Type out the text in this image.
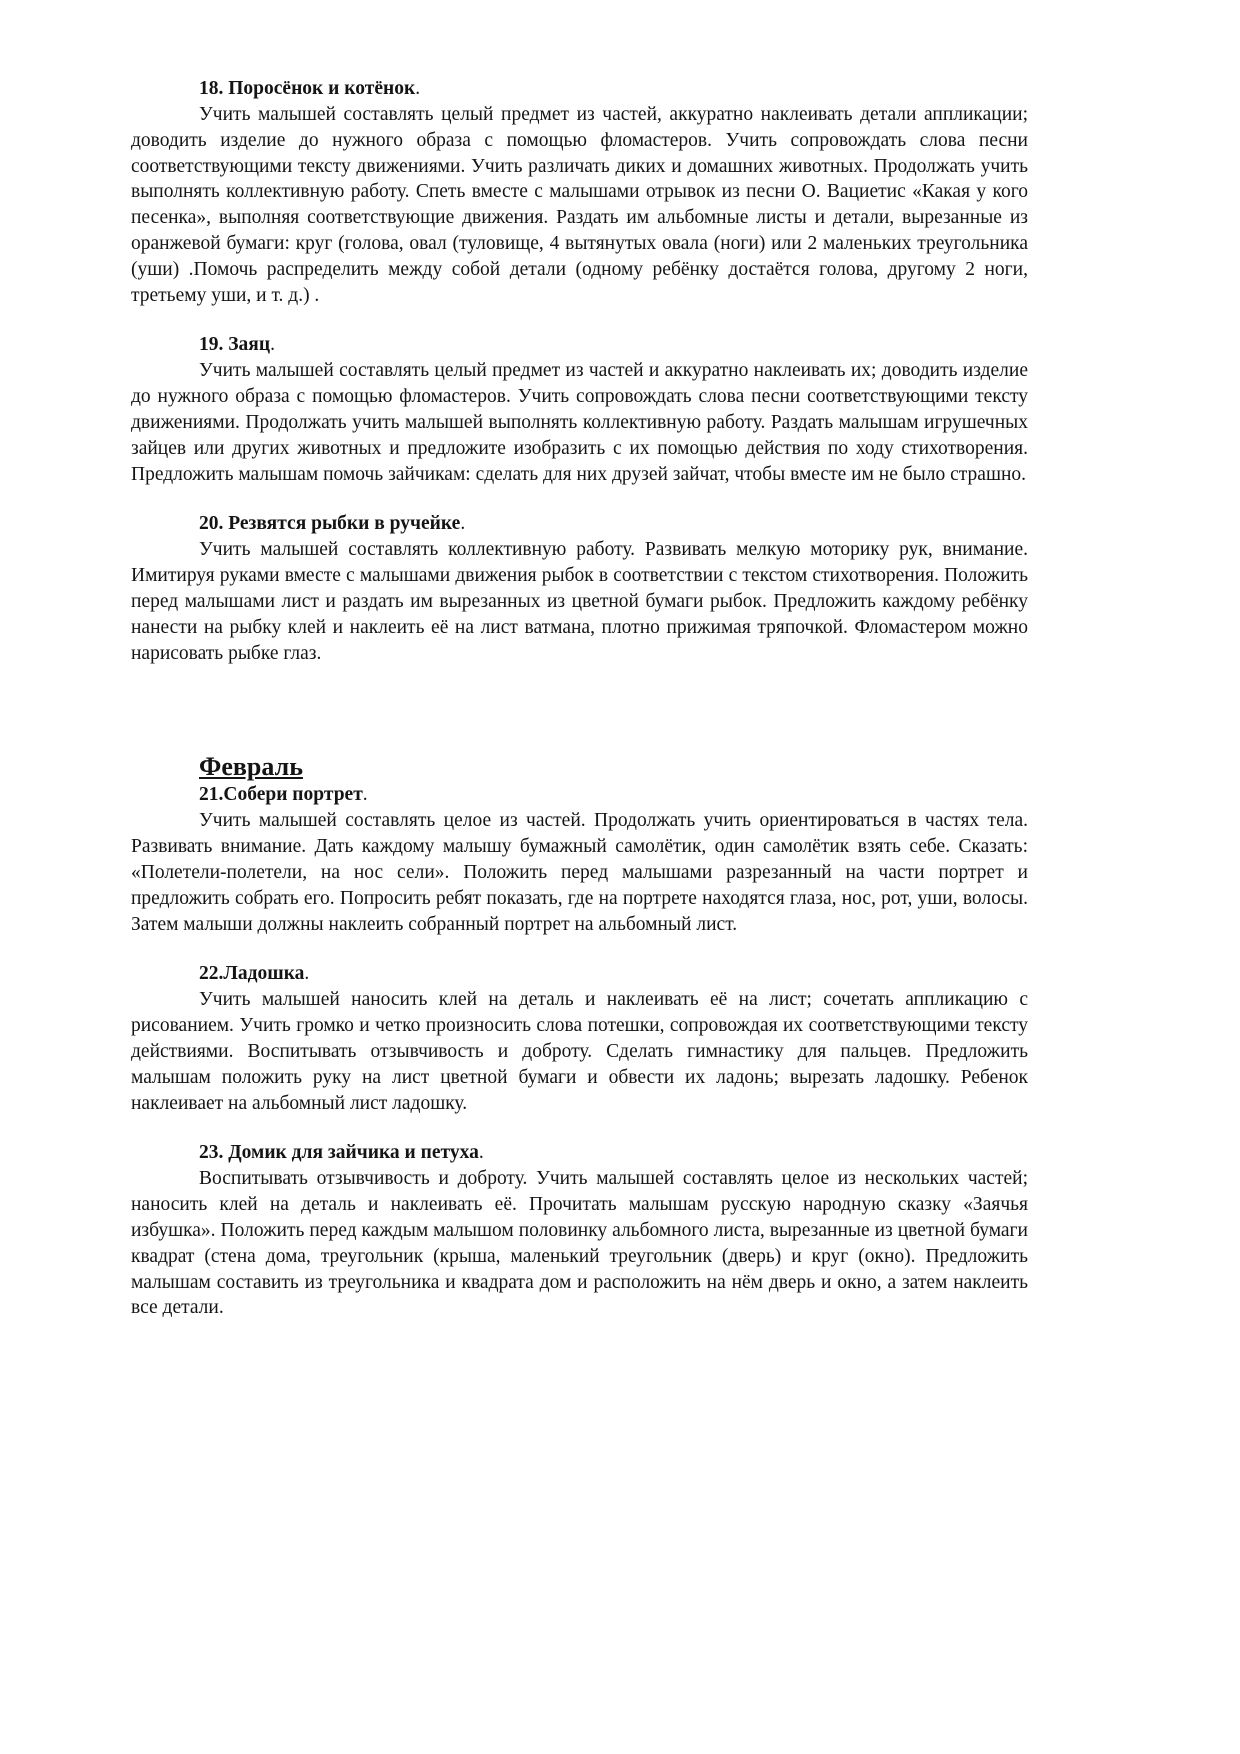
18. Поросёнок и котёнок.

Учить малышей составлять целый предмет из частей, аккуратно наклеивать детали аппликации; доводить изделие до нужного образа с помощью фломастеров. Учить сопровождать слова песни соответствующими тексту движениями. Учить различать диких и домашних животных. Продолжать учить выполнять коллективную работу. Спеть вместе с малышами отрывок из песни О. Вациетис «Какая у кого песенка», выполняя соответствующие движения. Раздать им альбомные листы и детали, вырезанные из оранжевой бумаги: круг (голова, овал (туловище, 4 вытянутых овала (ноги) или 2 маленьких треугольника (уши) .Помочь распределить между собой детали (одному ребёнку достаётся голова, другому 2 ноги, третьему уши, и т. д.) .

19. Заяц.

Учить малышей составлять целый предмет из частей и аккуратно наклеивать их; доводить изделие до нужного образа с помощью фломастеров. Учить сопровождать слова песни соответствующими тексту движениями. Продолжать учить малышей выполнять коллективную работу. Раздать малышам игрушечных зайцев или других животных и предложите изобразить с их помощью действия по ходу стихотворения. Предложить малышам помочь зайчикам: сделать для них друзей зайчат, чтобы вместе им не было страшно.

20. Резвятся рыбки в ручейке.

Учить малышей составлять коллективную работу. Развивать мелкую моторику рук, внимание. Имитируя руками вместе с малышами движения рыбок в соответствии с текстом стихотворения. Положить перед малышами лист и раздать им вырезанных из цветной бумаги рыбок. Предложить каждому ребёнку нанести на рыбку клей и наклеить её на лист ватмана, плотно прижимая тряпочкой. Фломастером можно нарисовать рыбке глаз.

Февраль

21.Собери портрет.

Учить малышей составлять целое из частей. Продолжать учить ориентироваться в частях тела. Развивать внимание. Дать каждому малышу бумажный самолётик, один самолётик взять себе. Сказать: «Полетели-полетели, на нос сели». Положить перед малышами разрезанный на части портрет и предложить собрать его. Попросить ребят показать, где на портрете находятся глаза, нос, рот, уши, волосы. Затем малыши должны наклеить собранный портрет на альбомный лист.

22.Ладошка.

Учить малышей наносить клей на деталь и наклеивать её на лист; сочетать аппликацию с рисованием. Учить громко и четко произносить слова потешки, сопровождая их соответствующими тексту действиями. Воспитывать отзывчивость и доброту. Сделать гимнастику для пальцев. Предложить малышам положить руку на лист цветной бумаги и обвести их ладонь; вырезать ладошку. Ребенок наклеивает на альбомный лист ладошку.

23. Домик для зайчика и петуха.

Воспитывать отзывчивость и доброту. Учить малышей составлять целое из нескольких частей; наносить клей на деталь и наклеивать её. Прочитать малышам русскую народную сказку «Заячья избушка». Положить перед каждым малышом половинку альбомного листа, вырезанные из цветной бумаги квадрат (стена дома, треугольник (крыша, маленький треугольник (дверь) и круг (окно). Предложить малышам составить из треугольника и квадрата дом и расположить на нём дверь и окно, а затем наклеить все детали.
